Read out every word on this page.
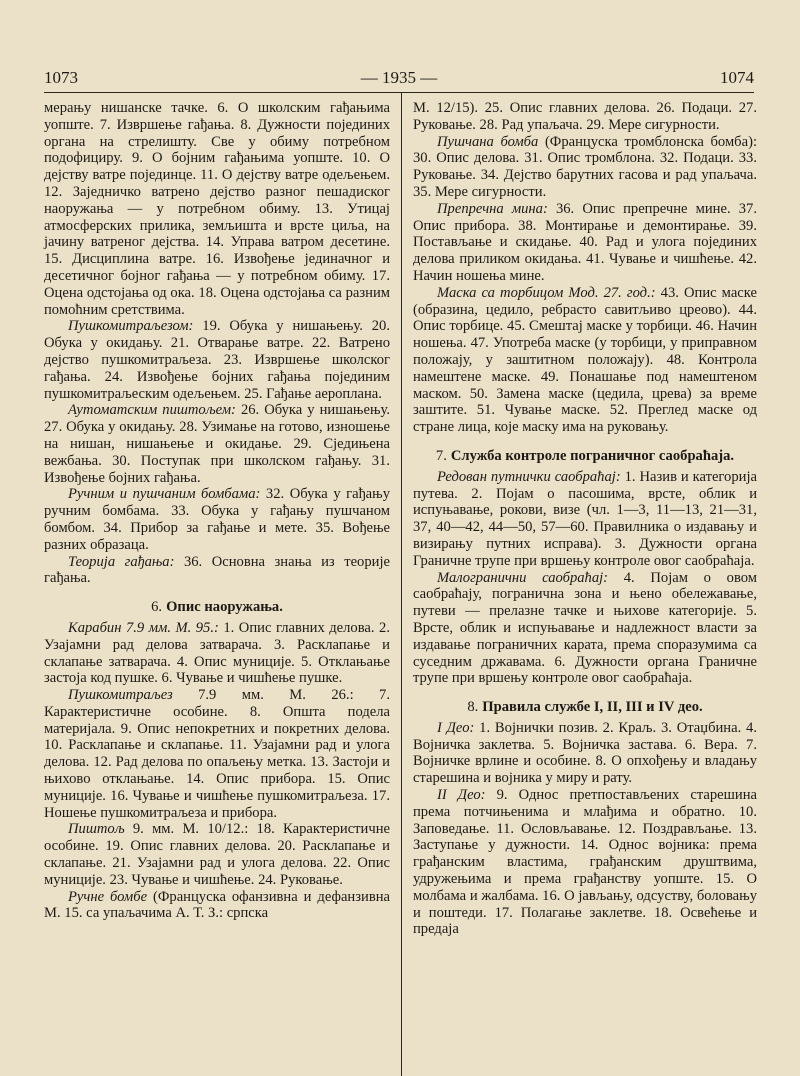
1073	— 1935 —	1074

мерању нишанске тачке. 6. О школским гађањима уопште. 7. Извршење гађања. 8. Дужности појединих органа на стрелишту. Све у обиму потребном подофициру. 9. О бојним гађањима уопште. 10. О дејству ватре појединце. 11. О дејству ватре одељењем. 12. Заједничко ватрено дејство разног пешадиског наоружања — у потребном обиму. 13. Утицај атмосферских прилика, земљишта и врсте циља, на јачину ватреног дејства. 14. Управа ватром десетине. 15. Дисциплина ватре. 16. Извођење јединачног и десетичног бојног гађања — у потребном обиму. 17. Оцена одстојања од ока. 18. Оцена одстојања са разним помоћним сретствима.

Пушкомитраљезом: 19. Обука у нишањењу. 20. Обука у окидању. 21. Отварање ватре. 22. Ватрено дејство пушкомитраљеза. 23. Извршење школског гађања. 24. Извођење бојних гађања појединим пушкомитраљеским одељењем. 25. Гађање аероплана.

Аутоматским пиштољем: 26. Обука у нишањењу. 27. Обука у окидању. 28. Узимање на готово, изношење на нишан, нишањење и окидање. 29. Сједињена вежбања. 30. Поступак при школском гађању. 31. Извођење бојних гађања.

Ручним и пушчаним бомбама: 32. Обука у гађању ручним бомбама. 33. Обука у гађању пушчаном бомбом. 34. Прибор за гађање и мете. 35. Вођење разних образаца.

Теорија гађања: 36. Основна знања из теорије гађања.

6. Опис наоружања.

Карабин 7.9 мм. М. 95.: 1. Опис главних делова. 2. Узајамни рад делова затварача. 3. Расклапање и склапање затварача. 4. Опис муниције. 5. Отклањање застоја код пушке. 6. Чување и чишћење пушке.

Пушкомитраљез 7.9 мм. М. 26.: 7. Карактеристичне особине. 8. Општа подела материјала. 9. Опис непокретних и покретних делова. 10. Расклапање и склапање. 11. Узајамни рад и улога делова. 12. Рад делова по опаљењу метка. 13. Застоји и њихово отклањање. 14. Опис прибора. 15. Опис муниције. 16. Чување и чишћење пушкомитраљеза. 17. Ношење пушкомитраљеза и прибора.

Пиштољ 9. мм. М. 10/12.: 18. Карактеристичне особине. 19. Опис главних делова. 20. Расклапање и склапање. 21. Узајамни рад и улога делова. 22. Опис муниције. 23. Чување и чишћење. 24. Руковање.

Ручне бомбе (Француска офанзивна и дефанзивна М. 15. са упаљачима А. Т. З.: српска

М. 12/15). 25. Опис главних делова. 26. Подаци. 27. Руковање. 28. Рад упаљача. 29. Мере сигурности.

Пушчана бомба (Француска тромблонска бомба): 30. Опис делова. 31. Опис тромблона. 32. Подаци. 33. Руковање. 34. Дејство барутних гасова и рад упаљача. 35. Мере сигурности.

Препречна мина: 36. Опис препречне мине. 37. Опис прибора. 38. Монтирање и демонтирање. 39. Постављање и скидање. 40. Рад и улога појединих делова приликом окидања. 41. Чување и чишћење. 42. Начин ношења мине.

Маска са торбицом Мод. 27. год.: 43. Опис маске (образина, цедило, ребрасто савитљиво цреово). 44. Опис торбице. 45. Смештај маске у торбици. 46. Начин ношења. 47. Употреба маске (у торбици, у приправном положају, у заштитном положају). 48. Контрола намештене маске. 49. Понашање под намештеном маском. 50. Замена маске (цедила, црева) за време заштите. 51. Чување маске. 52. Преглед маске од стране лица, које маску има на руковању.

7. Служба контроле пограничног саобраћаја.

Редован путнички саобраћај: 1. Назив и категорија путева. 2. Појам о пасошима, врсте, облик и испуњавање, рокови, визе (чл. 1—3, 11—13, 21—31, 37, 40—42, 44—50, 57—60. Правилника о издавању и визирању путних исправа). 3. Дужности органа Граничне трупе при вршењу контроле овог саобраћаја.

Малогранични саобраћај: 4. Појам о овом саобраћају, погранична зона и њено обележавање, путеви — прелазне тачке и њихове категорије. 5. Врсте, облик и испуњавање и надлежност власти за издавање пограничних карата, према споразумима са суседним државама. 6. Дужности органа Граничне трупе при вршењу контроле овог саобраћаја.

8. Правила службе I, II, III и IV део.

I Део: 1. Војнички позив. 2. Краљ. 3. Отаџбина. 4. Војничка заклетва. 5. Војничка застава. 6. Вера. 7. Војничке врлине и особине. 8. О опхођењу и владању старешина и војника у миру и рату.

II Део: 9. Однос претпостављених старешина према потчињенима и млађима и обратно. 10. Заповедање. 11. Ословљавање. 12. Поздрављање. 13. Заступање у дужности. 14. Однос војника: према грађанским властима, грађанским друштвима, удружењима и према грађанству уопште. 15. О молбама и жалбама. 16. О јављању, одсуству, боловању и поштеди. 17. Полагање заклетве. 18. Освећење и предаја
